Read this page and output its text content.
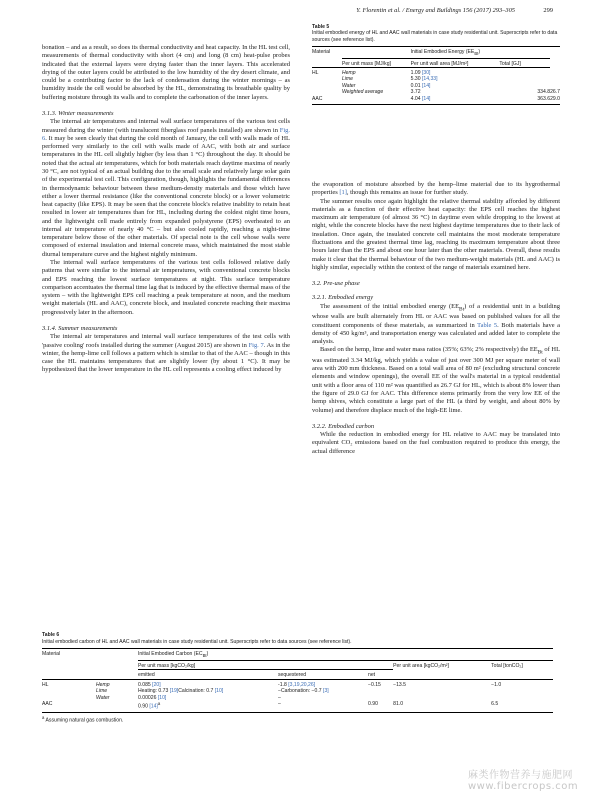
Y. Florentin et al. / Energy and Buildings 156 (2017) 293–305	299

bonation – and as a result, so does its thermal conductivity and heat capacity. In the HL test cell, measurements of thermal conductivity with short (4 cm) and long (8 cm) heat-pulse probes indicated that the external layers were drying faster than the inner layers. This accelerated drying of the outer layers could be attributed to the low humidity of the dry desert climate, and could be a contributing factor to the lack of condensation during the winter mornings – as humidity inside the cell would be absorbed by the HL, demonstrating its breathable quality by buffering moisture through its walls and to complete the carbonation of the inner layers.

3.1.3. Winter measurements

The internal air temperatures and internal wall surface temperatures of the various test cells measured during the winter (with translucent fiberglass roof panels installed) are shown in Fig. 6. It may be seen clearly that during the cold month of January, the cell with walls made of HL performed very similarly to the cell with walls made of AAC, with both air and surface temperatures in the HL cell slightly higher (by less than 1 °C) throughout the day. It should be noted that the actual air temperatures, which for both materials reach daytime maxima of nearly 30 °C, are not typical of an actual building due to the small scale and relatively large solar gain of the experimental test cell. This configuration, though, highlights the fundamental differences in thermodynamic behaviour between these medium-density materials and those which have either a lower thermal resistance (like the conventional concrete block) or a lower volumetric heat capacity (like EPS). It may be seen that the concrete block's relative inability to retain heat resulted in lower air temperatures than for HL, including during the coldest night time hours, and the lightweight cell made entirely from expanded polystyrene (EPS) overheated to an internal air temperature of nearly 40 °C – but also cooled rapidly, reaching a night-time temperature below those of the other materials. Of special note is the cell whose walls were composed of external insulation and internal concrete mass, which maintained the most stable diurnal temperature curve and the highest nightly minimum.

The internal wall surface temperatures of the various test cells followed relative daily patterns that were similar to the internal air temperatures, with conventional concrete blocks and EPS reaching the lowest surface temperatures at night. This surface temperature comparison accentuates the thermal time lag that is induced by the effective thermal mass of the system – with the lightweight EPS cell reaching a peak temperature at noon, and the medium weight materials (HL and AAC), concrete block, and insulated concrete reaching their maxima progressively later in the afternoon.

3.1.4. Summer measurements

The internal air temperatures and internal wall surface temperatures of the test cells with 'passive cooling' roofs installed during the summer (August 2015) are shown in Fig. 7. As in the winter, the hemp-lime cell follows a pattern which is similar to that of the AAC – though in this case the HL maintains temperatures that are slightly lower (by about 1 °C). It may be hypothesized that the lower temperature in the HL cell represents a cooling effect induced by

Table 5
Initial embodied energy of HL and AAC wall materials in case study residential unit. Superscripts refer to data sources (see reference list).
Material		Initial Embodied Energy $(EE_{Bt})$		
	Per unit mass [MJ/kg]	Per unit wall area [MJ/m²]	Total [GJ]	
HL	Hemp	1.09 [30]		
	Lime	5.30 [14,33]		
	Water	0.01 [14]		
	Weighted average	3.72	334.8	26.7
AAC		4.04 [14]	363.6	29.0

the evaporation of moisture absorbed by the hemp–lime material due to its hygrothermal properties [1], though this remains an issue for further study.

The summer results once again highlight the relative thermal stability afforded by different materials as a function of their effective heat capacity: the EPS cell reaches the highest maximum air temperature (of almost 36 °C) in daytime even while dropping to the lowest at night, while the concrete blocks have the next highest daytime temperatures due to their lack of insulation. Once again, the insulated concrete cell maintains the most moderate temperature fluctuations and the greatest thermal time lag, reaching its maximum temperature about three hours later than the EPS and about one hour later than the other materials. Overall, these results make it clear that the thermal behaviour of the two medium-weight materials (HL and AAC) is highly similar, especially within the context of the range of materials examined here.

3.2. Pre-use phase
3.2.1. Embodied energy

The assessment of the initial embodied energy $(EE_{Bt})$ of a residential unit in a building whose walls are built alternately from HL or AAC was based on published values for all the constituent components of these materials, as summarized in Table 5. Both materials have a density of 450 kg/m³, and transportation energy was calculated and added later to complete the analysis.

Based on the hemp, lime and water mass ratios (35%; 63%; 2% respectively) the $EE_{Bt}$ of HL was estimated 3.34 MJ/kg, which yields a value of just over 300 MJ per square meter of wall area with 200 mm thickness. Based on a total wall area of 80 m² (excluding structural concrete elements and window openings), the overall EE of the wall's material in a typical residential unit with a floor area of 110 m² was quantified as 26.7 GJ for HL, which is about 8% lower than the figure of 29.0 GJ for AAC. This difference stems primarily from the very low EE of the hemp shives, which constitute a large part of the HL (a third by weight, and about 80% by volume) and therefore displace much of the high-EE lime.

3.2.2. Embodied carbon

While the reduction in embodied energy for HL relative to AAC may be translated into equivalent CO₂ emissions based on the fuel combustion required to produce this energy, the actual difference

Table 6
Initial embodied carbon of HL and AAC wall materials in case study residential unit. Superscripts refer to data sources (see reference list).
Material		Initial Embodied Carbon $(EC_{Bt})$				
		Per unit mass [kgCO₂/kg]			Per unit area [kgCO₂/m²]	Total [tonCO₂]
		emitted	sequestered	net		
HL	Hemp	0.085 [20]	-1.8 [3,19,20,26]	−0.15	−13.5	−1.0
	Lime	Heating: 0.73 [19]Calcination: 0.7 [10]	−Carbonation: −0.7 [3]			
	Water	0.00026 [10]	–			
AAC		0.90 $[14]^a$	–	0.90	81.0	6.5
$^a$ Assuming natural gas combustion.
麻类作物营养与施肥网 www.fibercrops.com
